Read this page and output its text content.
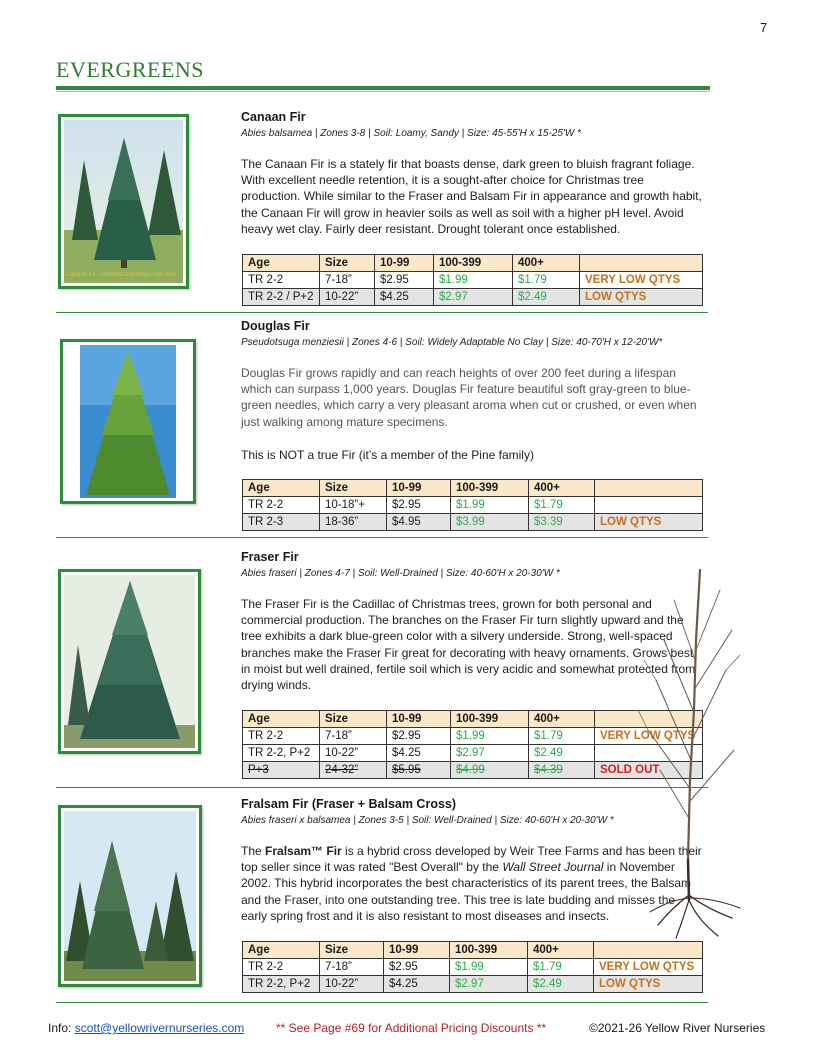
7
EVERGREENS
Canaan Fir - sheared Christmas tree size
Canaan Fir
Abies balsamea | Zones 3-8 | Soil: Loamy, Sandy | Size: 45-55'H x 15-25'W *
The Canaan Fir is a stately fir that boasts dense, dark green to bluish fragrant foliage. With excellent needle retention, it is a sought-after choice for Christmas tree production. While similar to the Fraser and Balsam Fir in appearance and growth habit, the Canaan Fir will grow in heavier soils as well as soil with a higher pH level. Avoid heavy wet clay. Fairly deer resistant. Drought tolerant once established.
Age	Size	10-99	100-399	400+	
TR 2-2	7-18”	$2.95	$1.99	$1.79	VERY LOW QTYS
TR 2-2 / P+2	10-22”	$4.25	$2.97	$2.49	LOW QTYS
Douglas Fir
Pseudotsuga menziesii | Zones 4-6 | Soil: Widely Adaptable No Clay | Size: 40-70'H x 12-20'W*
Douglas Fir grows rapidly and can reach heights of over 200 feet during a lifespan which can surpass 1,000 years. Douglas Fir feature beautiful soft gray-green to blue-green needles, which carry a very pleasant aroma when cut or crushed, or even when just walking among mature specimens.
This is NOT a true Fir (it’s a member of the Pine family)
Age	Size	10-99	100-399	400+	
TR 2-2	10-18”+	$2.95	$1.99	$1.79	
TR 2-3	18-36”	$4.95	$3.99	$3.39	LOW QTYS
Fraser Fir
Abies fraseri | Zones 4-7 | Soil: Well-Drained | Size: 40-60'H x 20-30'W *
The Fraser Fir is the Cadillac of Christmas trees, grown for both personal and commercial production. The branches on the Fraser Fir turn slightly upward and the tree exhibits a dark blue-green color with a silvery underside. Strong, well-spaced branches make the Fraser Fir great for decorating with heavy ornaments. Grows best in moist but well drained, fertile soil which is very acidic and somewhat protected from drying winds.
Age	Size	10-99	100-399	400+	
TR 2-2	7-18”	$2.95	$1.99	$1.79	VERY LOW QTYS
TR 2-2, P+2	10-22”	$4.25	$2.97	$2.49	
P+3	24-32”	$5.95	$4.99	$4.39	SOLD OUT
Fralsam Fir (Fraser + Balsam Cross)
Abies fraseri x balsamea | Zones 3-5 | Soil: Well-Drained | Size: 40-60'H x 20-30'W *
The Fralsam™ Fir is a hybrid cross developed by Weir Tree Farms and has been their top seller since it was rated "Best Overall" by the Wall Street Journal in November 2002. This hybrid incorporates the best characteristics of its parent trees, the Balsam and the Fraser, into one outstanding tree. This tree is late budding and misses the early spring frost and it is also resistant to most diseases and insects.
Age	Size	10-99	100-399	400+	
TR 2-2	7-18”	$2.95	$1.99	$1.79	VERY LOW QTYS
TR 2-2, P+2	10-22”	$4.25	$2.97	$2.49	LOW QTYS
Info: scott@yellowrivernurseries.com	** See Page #69 for Additional Pricing Discounts **	©2021-26 Yellow River Nurseries
